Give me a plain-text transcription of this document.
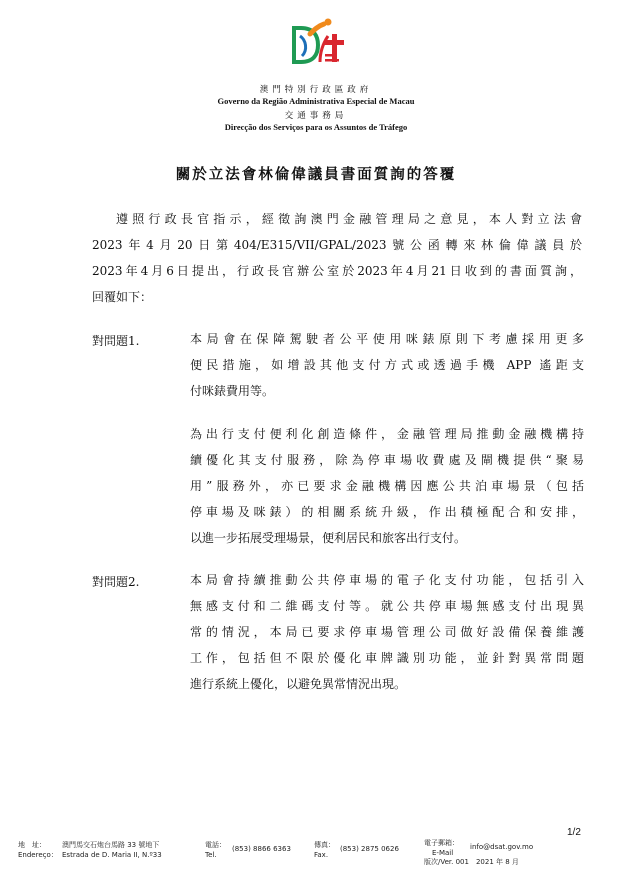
澳門特別行政區政府
Governo da Região Administrativa Especial de Macau
交通事務局
Direcção dos Serviços para os Assuntos de Tráfego
關於立法會林倫偉議員書面質詢的答覆
遵照行政長官指示，經徵詢澳門金融管理局之意見，本人對立法會
2023年4月20日第404/E315/VII/GPAL/2023號公函轉來林倫偉議員於
2023年4月6日提出，行政長官辦公室於2023年4月21日收到的書面質詢，
回覆如下：
對問題1.	本局會在保障駕駛者公平使用咪錶原則下考慮採用更多
便民措施，如增設其他支付方式或透過手機 APP 遙距支
付咪錶費用等。
為出行支付便利化創造條件，金融管理局推動金融機構持
續優化其支付服務，除為停車場收費處及閘機提供“聚易
用”服務外，亦已要求金融機構因應公共泊車場景（包括
停車場及咪錶）的相關系統升級，作出積極配合和安排，
以進一步拓展受理場景，便利居民和旅客出行支付。
對問題2.	本局會持續推動公共停車場的電子化支付功能，包括引入
無感支付和二維碼支付等。就公共停車場無感支付出現異
常的情況，本局已要求停車場管理公司做好設備保養維護
工作，包括但不限於優化車牌識別功能，並針對異常問題
進行系統上優化，以避免異常情況出現。
1/2
地　址：
Endereço：
澳門馬交石炮台馬路 33 號地下
Estrada de D. Maria II, N.º33
電話：
Tel.
(853) 8866 6363	傳真：
Fax.
(853) 2875 0626
電子郵箱：
E-Mail
info@dsat.gov.mo
版次/Ver. 001　2021 年 8 月
